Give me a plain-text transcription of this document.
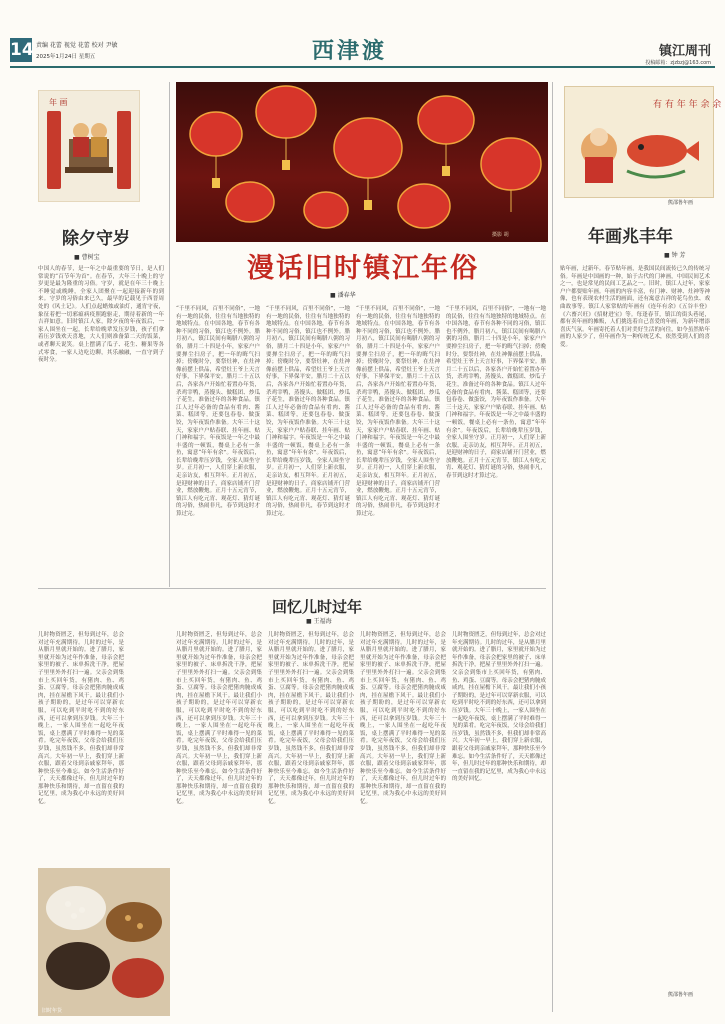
14 责编 花蕾 视觉 花蕾 校对 尹敏
2025年1月24日 星期五	西津渡	镇江周刊
投稿邮箱：zjzbzj@163.com
年 画
除夕守岁
■ 曹树宝
中国人的春节，是一年之中最重要的节日，是人们常说的“百节年为首”。在春节，大年三十晚上的守岁更是最为隆重的习俗。守岁，就是在年三十晚上不睡觉或晚睡，全家人团聚在一起迎接新年的到来。守岁的习俗由来已久，最早的记载见于西晋周处的《风土记》。人们点起蜡烛或油灯，通宵守夜，象征着把一切邪瘟病疫照跑驱走，期待着新的一年吉祥如意。旧时镇江人家，除夕夜的年夜饭后，一家人围坐在一起，长辈给晚辈发压岁钱，孩子们拿着压岁钱欢天喜地，大人们则准备第二天的饭菜，或者聊天说笑。桌上摆满了瓜子、花生、糖果等各式零食，一家人边吃边聊，其乐融融，一直守到子夜时分。
摄影 胡
漫话旧时镇江年俗
■ 潘春华
“千里不同风，百里不同俗”，一地有一地的民俗，往往有当地独特的地域特点。在中国各地，春节有各种不同的习俗，镇江也不例外。腊月初八，镇江民间有喝腊八粥的习俗，腊月二十四是小年，家家户户要掸尘扫房子，把一年的晦气扫掉；傍晚时分，要祭灶神，在灶神像前摆上供品，希望灶王爷上天言好事，下界保平安。腊月二十五以后，各家各户开始忙着置办年货，杀鸡宰鸭，蒸馒头、做糕团、炒瓜子花生，准备过年的各种食品。镇江人过年必备的食品有肴肉、酱菜、糕团等，还要包春卷、做蛋饺，为年夜饭作准备。大年三十这天，家家户户贴春联、挂年画、贴门神和福字。年夜饭是一年之中最丰盛的一顿饭，餐桌上必有一条鱼，寓意“年年有余”。年夜饭后，长辈给晚辈压岁钱，全家人围坐守岁。正月初一，人们穿上新衣服，走亲访友，相互拜年。正月初五，是迎财神的日子，商家店铺开门营业，燃放鞭炮。正月十五元宵节，镇江人有吃元宵、观花灯、猜灯谜的习俗，热闹非凡，春节到这时才算过完。
“千里不同风，百里不同俗”，一地有一地的民俗，往往有当地独特的地域特点。在中国各地，春节有各种不同的习俗，镇江也不例外。腊月初八，镇江民间有喝腊八粥的习俗，腊月二十四是小年，家家户户要掸尘扫房子，把一年的晦气扫掉；傍晚时分，要祭灶神，在灶神像前摆上供品，希望灶王爷上天言好事，下界保平安。腊月二十五以后，各家各户开始忙着置办年货，杀鸡宰鸭，蒸馒头、做糕团、炒瓜子花生，准备过年的各种食品。镇江人过年必备的食品有肴肉、酱菜、糕团等，还要包春卷、做蛋饺，为年夜饭作准备。大年三十这天，家家户户贴春联、挂年画、贴门神和福字。年夜饭是一年之中最丰盛的一顿饭，餐桌上必有一条鱼，寓意“年年有余”。年夜饭后，长辈给晚辈压岁钱，全家人围坐守岁。正月初一，人们穿上新衣服，走亲访友，相互拜年。正月初五，是迎财神的日子，商家店铺开门营业，燃放鞭炮。正月十五元宵节，镇江人有吃元宵、观花灯、猜灯谜的习俗，热闹非凡，春节到这时才算过完。
“千里不同风，百里不同俗”，一地有一地的民俗，往往有当地独特的地域特点。在中国各地，春节有各种不同的习俗，镇江也不例外。腊月初八，镇江民间有喝腊八粥的习俗，腊月二十四是小年，家家户户要掸尘扫房子，把一年的晦气扫掉；傍晚时分，要祭灶神，在灶神像前摆上供品，希望灶王爷上天言好事，下界保平安。腊月二十五以后，各家各户开始忙着置办年货，杀鸡宰鸭，蒸馒头、做糕团、炒瓜子花生，准备过年的各种食品。镇江人过年必备的食品有肴肉、酱菜、糕团等，还要包春卷、做蛋饺，为年夜饭作准备。大年三十这天，家家户户贴春联、挂年画、贴门神和福字。年夜饭是一年之中最丰盛的一顿饭，餐桌上必有一条鱼，寓意“年年有余”。年夜饭后，长辈给晚辈压岁钱，全家人围坐守岁。正月初一，人们穿上新衣服，走亲访友，相互拜年。正月初五，是迎财神的日子，商家店铺开门营业，燃放鞭炮。正月十五元宵节，镇江人有吃元宵、观花灯、猜灯谜的习俗，热闹非凡，春节到这时才算过完。
“千里不同风，百里不同俗”，一地有一地的民俗，往往有当地独特的地域特点。在中国各地，春节有各种不同的习俗，镇江也不例外。腊月初八，镇江民间有喝腊八粥的习俗，腊月二十四是小年，家家户户要掸尘扫房子，把一年的晦气扫掉；傍晚时分，要祭灶神，在灶神像前摆上供品，希望灶王爷上天言好事，下界保平安。腊月二十五以后，各家各户开始忙着置办年货，杀鸡宰鸭，蒸馒头、做糕团、炒瓜子花生，准备过年的各种食品。镇江人过年必备的食品有肴肉、酱菜、糕团等，还要包春卷、做蛋饺，为年夜饭作准备。大年三十这天，家家户户贴春联、挂年画、贴门神和福字。年夜饭是一年之中最丰盛的一顿饭，餐桌上必有一条鱼，寓意“年年有余”。年夜饭后，长辈给晚辈压岁钱，全家人围坐守岁。正月初一，人们穿上新衣服，走亲访友，相互拜年。正月初五，是迎财神的日子，商家店铺开门营业，燃放鞭炮。正月十五元宵节，镇江人有吃元宵、观花灯、猜灯谜的习俗，热闹非凡，春节到这时才算过完。
有 有 年 年 余 余
熊邵鲁年画
年画兆丰年
■ 钟 芳
贴年画，过新年。春节贴年画，是我国民间流传已久的传统习俗。年画是中国画的一种，始于古代的门神画，中国民间艺术之一，也是常见的民间工艺品之一。旧时，镇江人过年，家家户户都要贴年画。年画的内容丰富，有门神、财神、灶神等神像，也有表现农村生活的画面，还有寓意吉祥的花鸟鱼虫、戏曲故事等。镇江人家常贴的年画有《连年有余》《五谷丰登》《六畜兴旺》《招财进宝》等。每逢春节，镇江的街头巷尾，都有卖年画的摊贩，人们挑选着自己喜爱的年画，为新年增添喜庆气氛。年画寄托着人们对美好生活的向往，如今虽然贴年画的人家少了，但年画作为一种传统艺术，依然受到人们的喜爱。
熊邵鲁年画
回忆儿时过年
■ 王福海
儿时物资匮乏，但每到过年，总会对过年充满期待。儿时的过年，是从腊月里就开始的。进了腊月，家里就开始为过年作准备，母亲会把家里的被子、床单拆洗干净，把屋子里里外外打扫一遍。父亲会到集市上买回年货，有猪肉、鱼、鸡蛋、豆腐等。母亲会把猪肉腌成咸肉，挂在屋檐下风干。最让我们小孩子期盼的，是过年可以穿新衣服，可以吃到平时吃不到的好东西，还可以拿到压岁钱。大年三十晚上，一家人围坐在一起吃年夜饭，桌上摆满了平时难得一见的菜肴。吃完年夜饭，父母会给我们压岁钱，虽然钱不多，但我们却非常高兴。大年初一早上，我们穿上新衣服，跟着父母到亲戚家拜年，那种快乐至今难忘。如今生活条件好了，天天都像过年，但儿时过年的那种快乐和期待，却一直留在我的记忆里，成为我心中永远的美好回忆。
儿时物资匮乏，但每到过年，总会对过年充满期待。儿时的过年，是从腊月里就开始的。进了腊月，家里就开始为过年作准备，母亲会把家里的被子、床单拆洗干净，把屋子里里外外打扫一遍。父亲会到集市上买回年货，有猪肉、鱼、鸡蛋、豆腐等。母亲会把猪肉腌成咸肉，挂在屋檐下风干。最让我们小孩子期盼的，是过年可以穿新衣服，可以吃到平时吃不到的好东西，还可以拿到压岁钱。大年三十晚上，一家人围坐在一起吃年夜饭，桌上摆满了平时难得一见的菜肴。吃完年夜饭，父母会给我们压岁钱，虽然钱不多，但我们却非常高兴。大年初一早上，我们穿上新衣服，跟着父母到亲戚家拜年，那种快乐至今难忘。如今生活条件好了，天天都像过年，但儿时过年的那种快乐和期待，却一直留在我的记忆里，成为我心中永远的美好回忆。
儿时物资匮乏，但每到过年，总会对过年充满期待。儿时的过年，是从腊月里就开始的。进了腊月，家里就开始为过年作准备，母亲会把家里的被子、床单拆洗干净，把屋子里里外外打扫一遍。父亲会到集市上买回年货，有猪肉、鱼、鸡蛋、豆腐等。母亲会把猪肉腌成咸肉，挂在屋檐下风干。最让我们小孩子期盼的，是过年可以穿新衣服，可以吃到平时吃不到的好东西，还可以拿到压岁钱。大年三十晚上，一家人围坐在一起吃年夜饭，桌上摆满了平时难得一见的菜肴。吃完年夜饭，父母会给我们压岁钱，虽然钱不多，但我们却非常高兴。大年初一早上，我们穿上新衣服，跟着父母到亲戚家拜年，那种快乐至今难忘。如今生活条件好了，天天都像过年，但儿时过年的那种快乐和期待，却一直留在我的记忆里，成为我心中永远的美好回忆。
儿时物资匮乏，但每到过年，总会对过年充满期待。儿时的过年，是从腊月里就开始的。进了腊月，家里就开始为过年作准备，母亲会把家里的被子、床单拆洗干净，把屋子里里外外打扫一遍。父亲会到集市上买回年货，有猪肉、鱼、鸡蛋、豆腐等。母亲会把猪肉腌成咸肉，挂在屋檐下风干。最让我们小孩子期盼的，是过年可以穿新衣服，可以吃到平时吃不到的好东西，还可以拿到压岁钱。大年三十晚上，一家人围坐在一起吃年夜饭，桌上摆满了平时难得一见的菜肴。吃完年夜饭，父母会给我们压岁钱，虽然钱不多，但我们却非常高兴。大年初一早上，我们穿上新衣服，跟着父母到亲戚家拜年，那种快乐至今难忘。如今生活条件好了，天天都像过年，但儿时过年的那种快乐和期待，却一直留在我的记忆里，成为我心中永远的美好回忆。
儿时物资匮乏，但每到过年，总会对过年充满期待。儿时的过年，是从腊月里就开始的。进了腊月，家里就开始为过年作准备，母亲会把家里的被子、床单拆洗干净，把屋子里里外外打扫一遍。父亲会到集市上买回年货，有猪肉、鱼、鸡蛋、豆腐等。母亲会把猪肉腌成咸肉，挂在屋檐下风干。最让我们小孩子期盼的，是过年可以穿新衣服，可以吃到平时吃不到的好东西，还可以拿到压岁钱。大年三十晚上，一家人围坐在一起吃年夜饭，桌上摆满了平时难得一见的菜肴。吃完年夜饭，父母会给我们压岁钱，虽然钱不多，但我们却非常高兴。大年初一早上，我们穿上新衣服，跟着父母到亲戚家拜年，那种快乐至今难忘。如今生活条件好了，天天都像过年，但儿时过年的那种快乐和期待，却一直留在我的记忆里，成为我心中永远的美好回忆。
旧时年货
